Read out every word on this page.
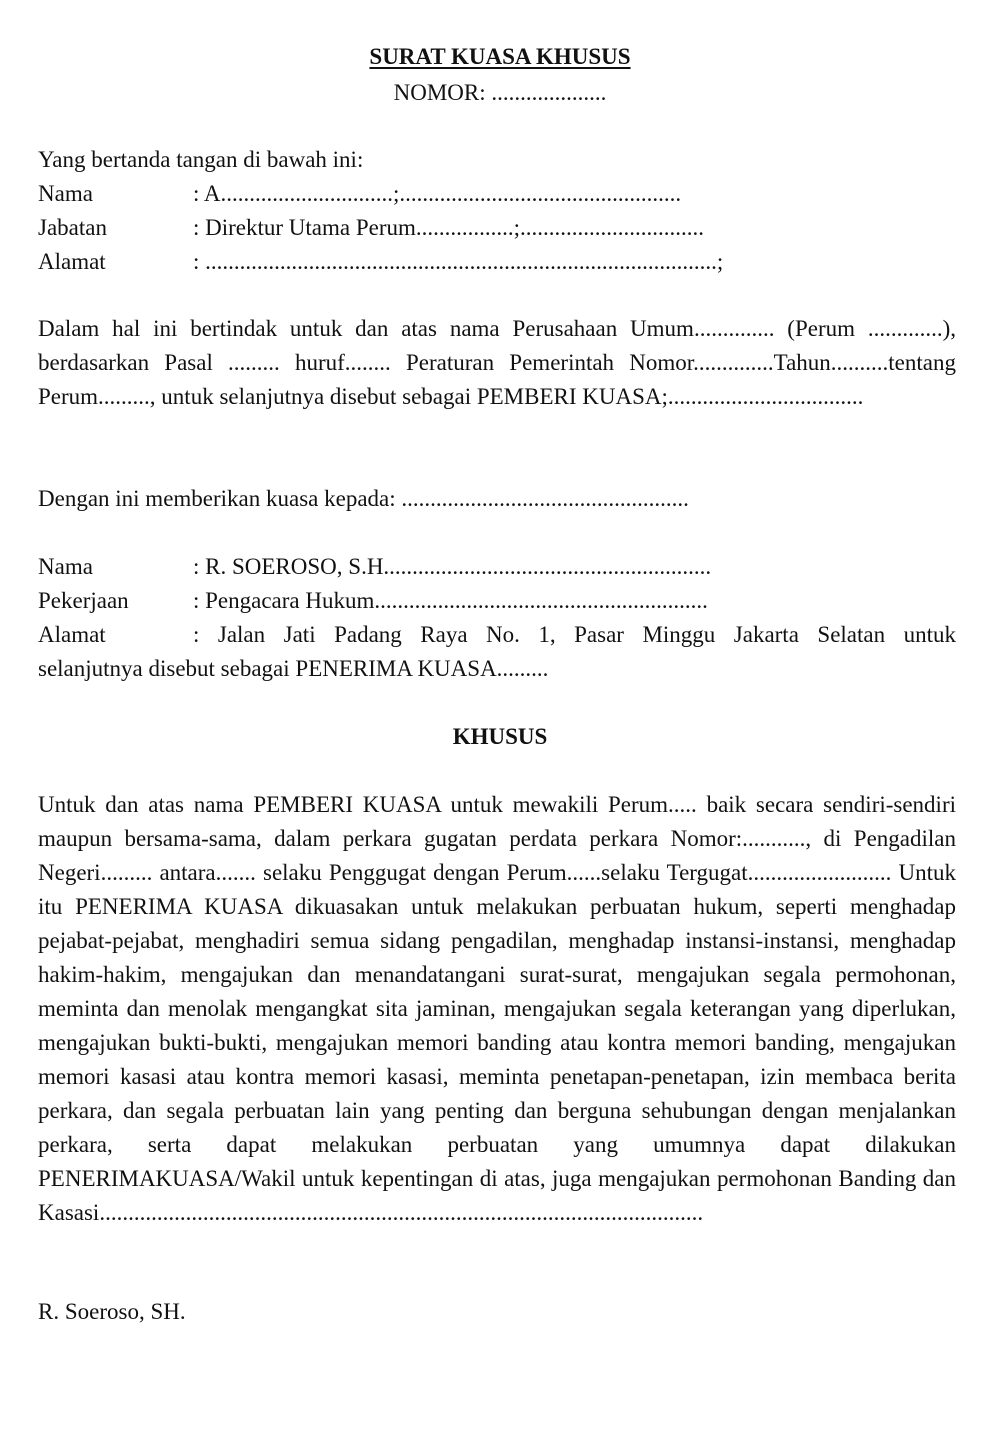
SURAT KUASA KHUSUS
NOMOR: ....................
Yang bertanda tangan di bawah ini:
Nama	: A..............................;.................................................
Jabatan	: Direktur Utama Perum.................;................................
Alamat	: .........................................................................................;
Dalam hal ini bertindak untuk dan atas nama Perusahaan Umum.............. (Perum .............), berdasarkan Pasal ......... huruf........ Peraturan Pemerintah Nomor..............Tahun..........tentang Perum........., untuk selanjutnya disebut sebagai PEMBERI KUASA;..................................
Dengan ini memberikan kuasa kepada: ..................................................
Nama	: R. SOEROSO, S.H.........................................................
Pekerjaan	: Pengacara Hukum..........................................................
Alamat	: Jalan Jati Padang Raya No. 1, Pasar Minggu Jakarta Selatan untuk
selanjutnya disebut sebagai PENERIMA KUASA.........
KHUSUS
Untuk dan atas nama PEMBERI KUASA untuk mewakili Perum..... baik secara sendiri-sendiri maupun bersama-sama, dalam perkara gugatan perdata perkara Nomor:..........., di Pengadilan Negeri......... antara....... selaku Penggugat dengan Perum......selaku Tergugat......................... Untuk itu PENERIMA KUASA dikuasakan untuk melakukan perbuatan hukum, seperti menghadap pejabat-pejabat, menghadiri semua sidang pengadilan, menghadap instansi-instansi, menghadap hakim-hakim, mengajukan dan menandatangani surat-surat, mengajukan segala permohonan, meminta dan menolak mengangkat sita jaminan, mengajukan segala keterangan yang diperlukan, mengajukan bukti-bukti, mengajukan memori banding atau kontra memori banding, mengajukan memori kasasi atau kontra memori kasasi, meminta penetapan-penetapan, izin membaca berita perkara, dan segala perbuatan lain yang penting dan berguna sehubungan dengan menjalankan perkara, serta dapat melakukan perbuatan yang umumnya dapat dilakukan PENERIMAKUASA/Wakil untuk kepentingan di atas, juga mengajukan permohonan Banding dan Kasasi.........................................................................................................
R. Soeroso, SH.
